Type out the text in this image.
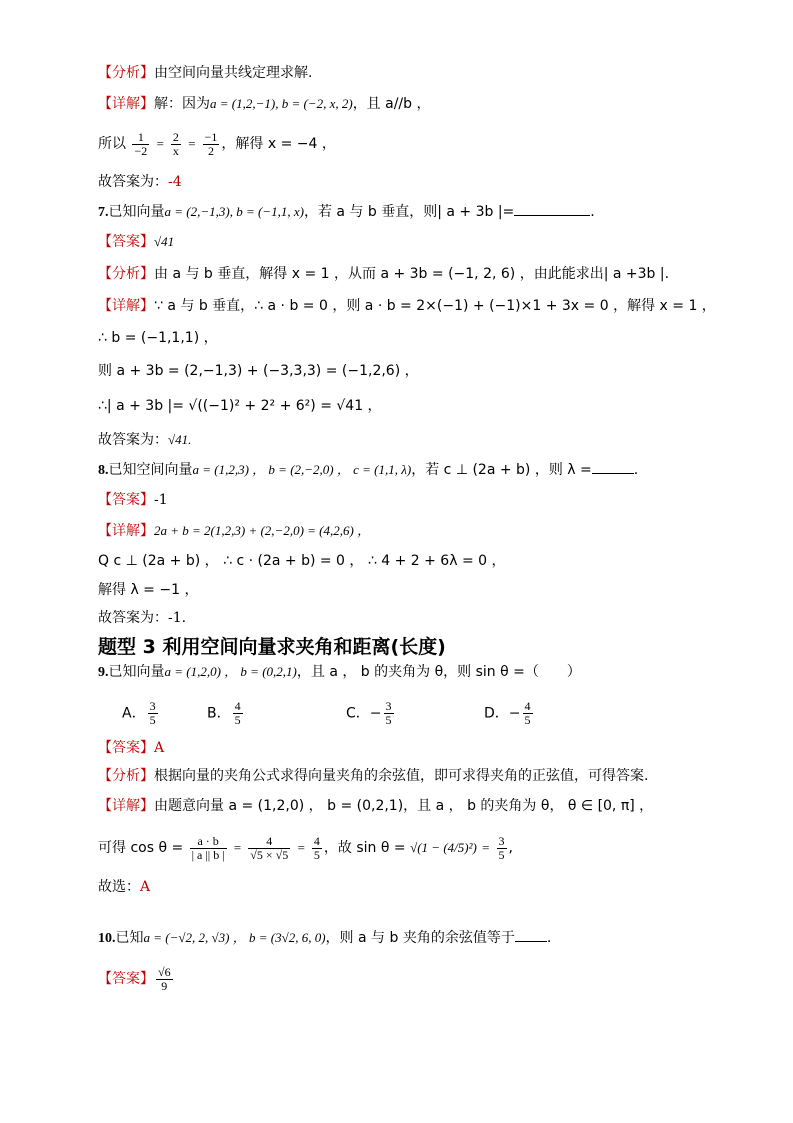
【分析】由空间向量共线定理求解.
【详解】解：因为a = (1,2,−1), b = (−2, x, 2)，且 a//b ，
所以 $\frac{1}{-2} = \frac{2}{x} = \frac{-1}{2}$ ，解得 x = −4 ，
故答案为：-4
7.已知向量a = (2,−1,3), b = (−1,1, x)，若 a 与 b 垂直，则| a + 3b |=	.
【答案】√41
【分析】由 a 与 b 垂直，解得 x = 1 ，从而 a + 3b = (−1, 2, 6) ，由此能求出| a +3b |.
【详解】∵ a 与 b 垂直，∴ a · b = 0 ，则 a · b = 2×(−1) + (−1)×1 + 3x = 0 ，解得 x = 1 ，
∴ b = (−1,1,1) ，
则 a + 3b = (2,−1,3) + (−3,3,3) = (−1,2,6) ，
∴| a + 3b |= √((−1)² + 2² + 6²) = √41 ，
故答案为：√41.
8.已知空间向量a = (1,2,3) ， b = (2,−2,0) ， c = (1,1, λ)，若 c ⊥ (2a + b) ，则 λ =	.
【答案】-1
【详解】2a + b = 2(1,2,3) + (2,−2,0) = (4,2,6) ，
Q c ⊥ (2a + b) ， ∴ c · (2a + b) = 0 ， ∴ 4 + 2 + 6λ = 0 ，
解得 λ = −1 ，
故答案为：-1.
题型 3 利用空间向量求夹角和距离(长度)
9.已知向量a = (1,2,0) ， b = (0,2,1)，且 a ， b 的夹角为 θ，则 sin θ =（　　）
A． $\frac{3}{5}$	B． $\frac{4}{5}$	C．− $\frac{3}{5}$	D．− $\frac{4}{5}$
【答案】A
【分析】根据向量的夹角公式求得向量夹角的余弦值，即可求得夹角的正弦值，可得答案.
【详解】由题意向量 a = (1,2,0) ， b = (0,2,1)，且 a ， b 的夹角为 θ， θ ∈ [0, π] ，
可得 $\cos \theta = \frac{a \cdot b}{| a || b |} = \frac{4}{√5 \times √5} = \frac{4}{5}$ ，故 $\sin \theta = √(1 - (4/5)^2) = \frac{3}{5}$ ,
故选：A
10.已知a = (−√2, 2, √3) ， b = (3√2, 6, 0)，则 a 与 b 夹角的余弦值等于 .
【答案】 $\frac{√6}{9}$
